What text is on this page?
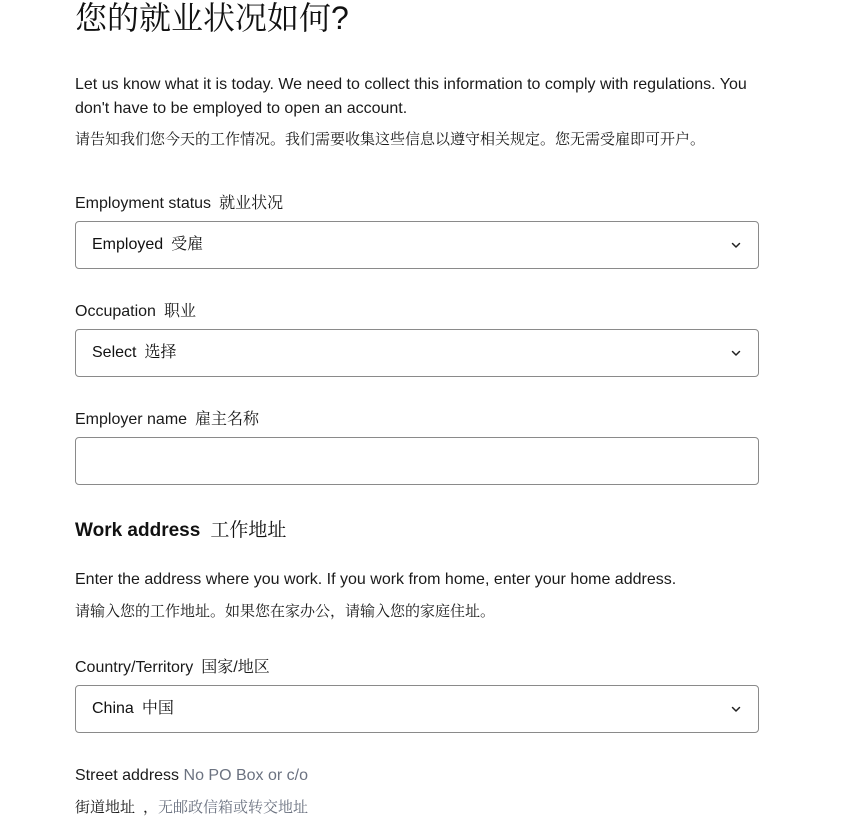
您的就业状况如何?
Let us know what it is today. We need to collect this information to comply with regulations. You don't have to be employed to open an account.
请告知我们您今天的工作情况。我们需要收集这些信息以遵守相关规定。您无需受雇即可开户。
Employment status 就业状况
Employed 受雇
Occupation 职业
Select 选择
Employer name 雇主名称
Work address 工作地址
Enter the address where you work. If you work from home, enter your home address.
请输入您的工作地址。如果您在家办公，请输入您的家庭住址。
Country/Territory 国家/地区
China 中国
Street address No PO Box or c/o
街道地址 ，无邮政信箱或转交地址
